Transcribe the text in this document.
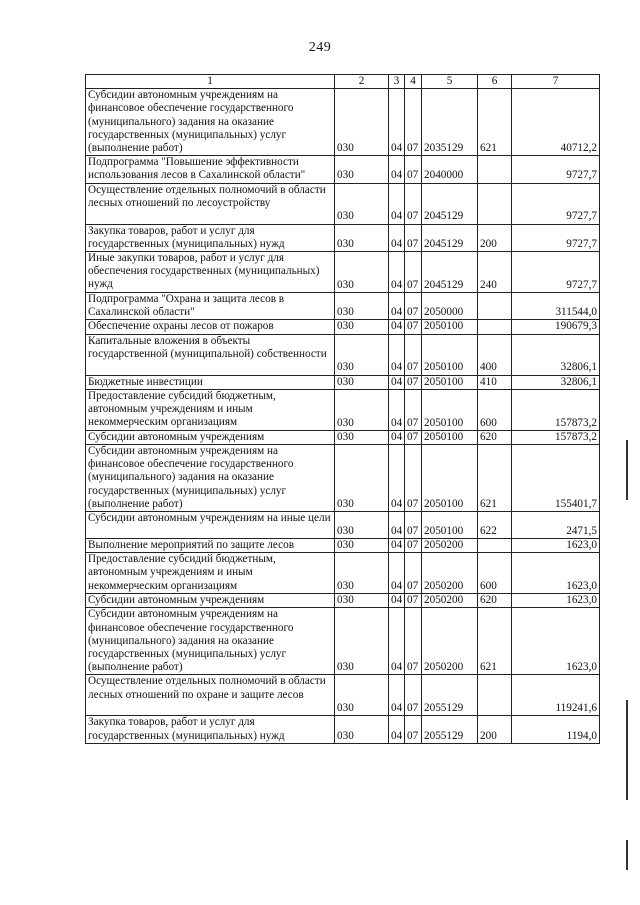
249
1	2	3	4	5	6	7
Субсидии автономным учреждениям на финансовое обеспечение государственного (муниципального) задания на оказание государственных (муниципальных) услуг (выполнение работ)	030	04	07	2035129	621	40712,2
Подпрограмма "Повышение эффективности использования лесов в Сахалинской области"	030	04	07	2040000		9727,7
Осуществление отдельных полномочий в области лесных отношений по лесоустройству	030	04	07	2045129		9727,7
Закупка товаров, работ и услуг для государственных (муниципальных) нужд	030	04	07	2045129	200	9727,7
Иные закупки товаров, работ и услуг для обеспечения государственных (муниципальных) нужд	030	04	07	2045129	240	9727,7
Подпрограмма "Охрана и защита лесов в Сахалинской области"	030	04	07	2050000		311544,0
Обеспечение охраны лесов от пожаров	030	04	07	2050100		190679,3
Капитальные вложения в объекты государственной (муниципальной) собственности	030	04	07	2050100	400	32806,1
Бюджетные инвестиции	030	04	07	2050100	410	32806,1
Предоставление субсидий бюджетным, автономным учреждениям и иным некоммерческим организациям	030	04	07	2050100	600	157873,2
Субсидии автономным учреждениям	030	04	07	2050100	620	157873,2
Субсидии автономным учреждениям на финансовое обеспечение государственного (муниципального) задания на оказание государственных (муниципальных) услуг (выполнение работ)	030	04	07	2050100	621	155401,7
Субсидии автономным учреждениям на иные цели	030	04	07	2050100	622	2471,5
Выполнение мероприятий по защите лесов	030	04	07	2050200		1623,0
Предоставление субсидий бюджетным, автономным учреждениям и иным некоммерческим организациям	030	04	07	2050200	600	1623,0
Субсидии автономным учреждениям	030	04	07	2050200	620	1623,0
Субсидии автономным учреждениям на финансовое обеспечение государственного (муниципального) задания на оказание государственных (муниципальных) услуг (выполнение работ)	030	04	07	2050200	621	1623,0
Осуществление отдельных полномочий в области лесных отношений по охране и защите лесов	030	04	07	2055129		119241,6
Закупка товаров, работ и услуг для государственных (муниципальных) нужд	030	04	07	2055129	200	1194,0
